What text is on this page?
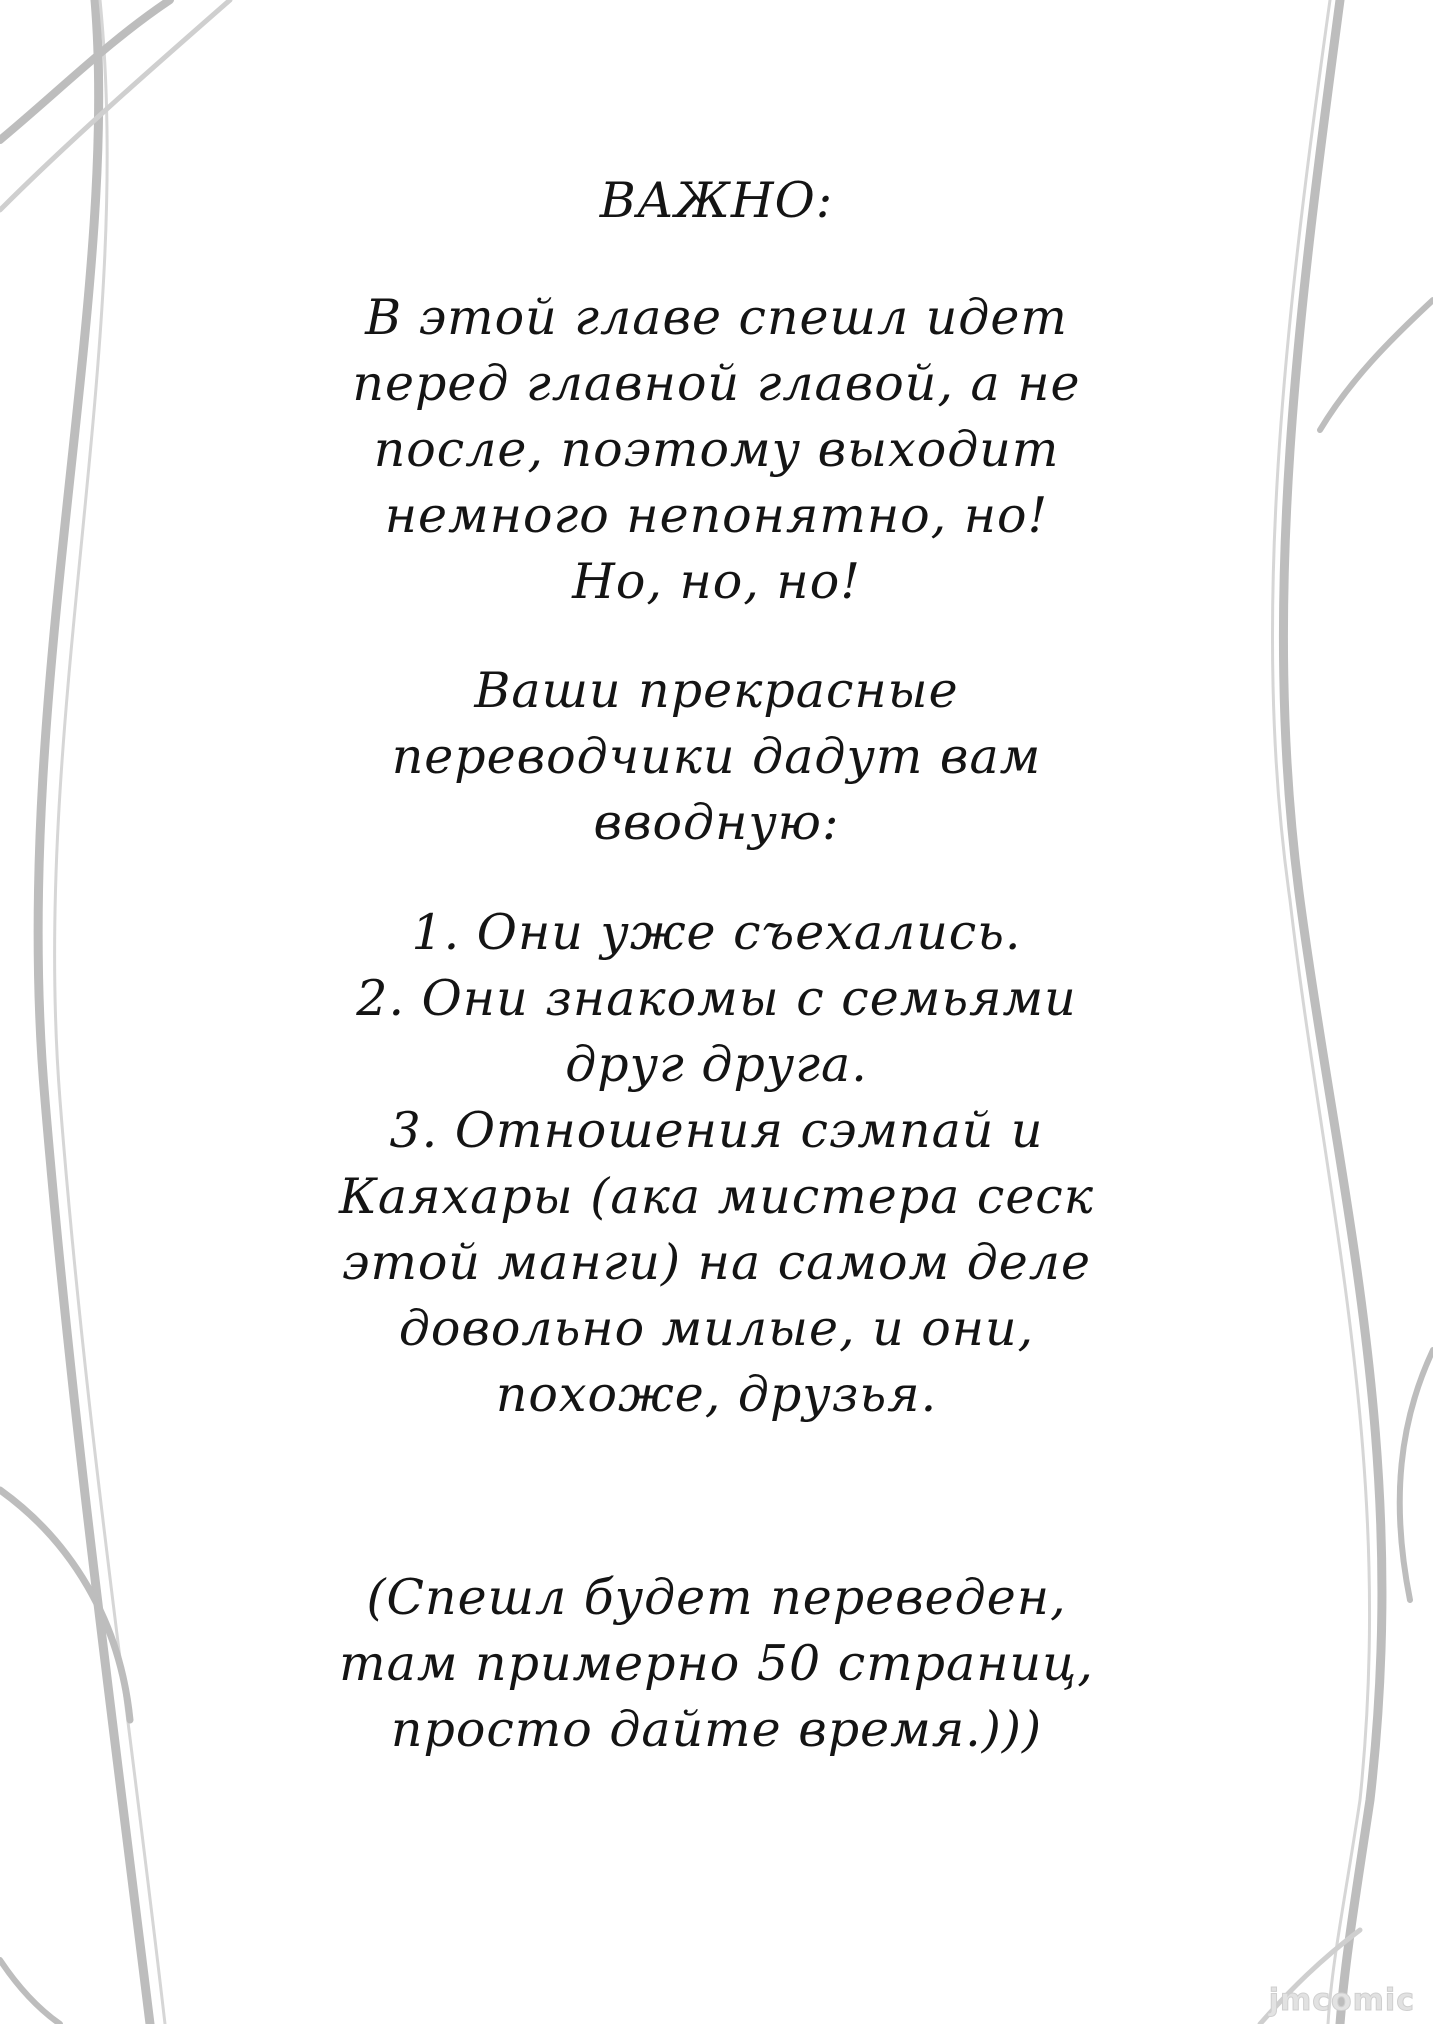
ВАЖНО:
В этой главе спешл идет
перед главной главой, а не
после, поэтому выходит
немного непонятно, но!
Но, но, но!
Ваши прекрасные
переводчики дадут вам
вводную:
1. Они уже съехались.
2. Они знакомы с семьями
друг друга.
3. Отношения сэмпай и
Каяхары (ака мистера сеск
этой манги) на самом деле
довольно милые, и они,
похоже, друзья.
(Спешл будет переведен,
там примерно 50 страниц,
просто дайте время.)))
jmcomic
